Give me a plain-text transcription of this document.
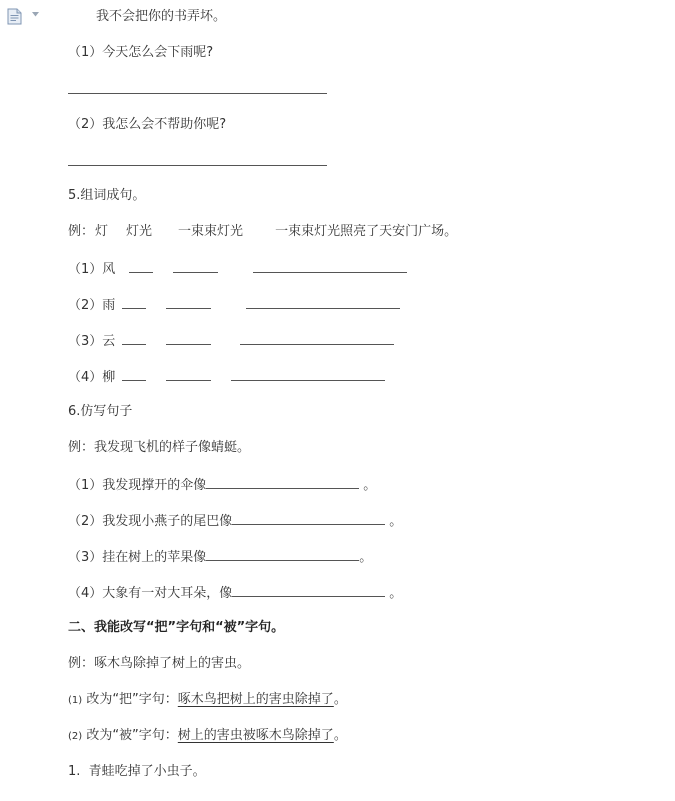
我不会把你的书弄坏。
（1）今天怎么会下雨呢?
（2）我怎么会不帮助你呢?
5.组词成句。
例：灯 灯光 一束束灯光 一束束灯光照亮了天安门广场。
（1）风
（2）雨
（3）云
（4）柳
6.仿写句子
例：我发现飞机的样子像蜻蜓。
（1）我发现撑开的伞像	。
（2）我发现小燕子的尾巴像	。
（3）挂在树上的苹果像	。
（4）大象有一对大耳朵，像	。
二、我能改写“把”字句和“被”字句。
例：啄木鸟除掉了树上的害虫。
(1) 改为“把”字句：啄木鸟把树上的害虫除掉了。
(2) 改为“被”字句：树上的害虫被啄木鸟除掉了。
1.  青蛙吃掉了小虫子。
